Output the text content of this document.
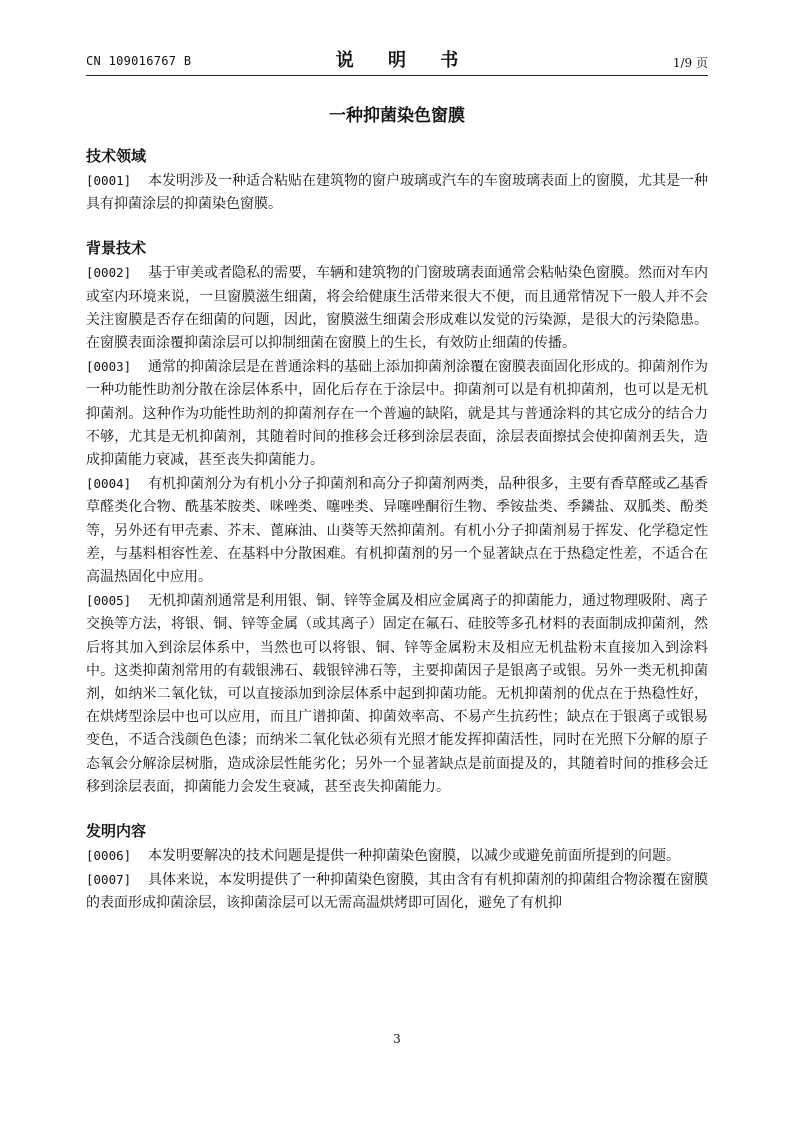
CN 109016767 B	说 明 书	1/9 页
一种抑菌染色窗膜
技术领域
[0001] 本发明涉及一种适合粘贴在建筑物的窗户玻璃或汽车的车窗玻璃表面上的窗膜，尤其是一种具有抑菌涂层的抑菌染色窗膜。
背景技术
[0002] 基于审美或者隐私的需要，车辆和建筑物的门窗玻璃表面通常会粘帖染色窗膜。然而对车内或室内环境来说，一旦窗膜滋生细菌，将会给健康生活带来很大不便，而且通常情况下一般人并不会关注窗膜是否存在细菌的问题，因此，窗膜滋生细菌会形成难以发觉的污染源，是很大的污染隐患。在窗膜表面涂覆抑菌涂层可以抑制细菌在窗膜上的生长，有效防止细菌的传播。
[0003] 通常的抑菌涂层是在普通涂料的基础上添加抑菌剂涂覆在窗膜表面固化形成的。抑菌剂作为一种功能性助剂分散在涂层体系中，固化后存在于涂层中。抑菌剂可以是有机抑菌剂，也可以是无机抑菌剂。这种作为功能性助剂的抑菌剂存在一个普遍的缺陷，就是其与普通涂料的其它成分的结合力不够，尤其是无机抑菌剂，其随着时间的推移会迁移到涂层表面，涂层表面擦拭会使抑菌剂丢失，造成抑菌能力衰减，甚至丧失抑菌能力。
[0004] 有机抑菌剂分为有机小分子抑菌剂和高分子抑菌剂两类，品种很多，主要有香草醛或乙基香草醛类化合物、酰基苯胺类、咪唑类、噻唑类、异噻唑酮衍生物、季铵盐类、季鏻盐、双胍类、酚类等，另外还有甲壳素、芥末、蓖麻油、山葵等天然抑菌剂。有机小分子抑菌剂易于挥发、化学稳定性差，与基料相容性差、在基料中分散困难。有机抑菌剂的另一个显著缺点在于热稳定性差，不适合在高温热固化中应用。
[0005] 无机抑菌剂通常是利用银、铜、锌等金属及相应金属离子的抑菌能力，通过物理吸附、离子交换等方法，将银、铜、锌等金属（或其离子）固定在氟石、硅胶等多孔材料的表面制成抑菌剂，然后将其加入到涂层体系中，当然也可以将银、铜、锌等金属粉末及相应无机盐粉末直接加入到涂料中。这类抑菌剂常用的有载银沸石、载银锌沸石等，主要抑菌因子是银离子或银。另外一类无机抑菌剂，如纳米二氧化钛，可以直接添加到涂层体系中起到抑菌功能。无机抑菌剂的优点在于热稳性好，在烘烤型涂层中也可以应用，而且广谱抑菌、抑菌效率高、不易产生抗药性；缺点在于银离子或银易变色，不适合浅颜色色漆；而纳米二氧化钛必须有光照才能发挥抑菌活性，同时在光照下分解的原子态氧会分解涂层树脂，造成涂层性能劣化；另外一个显著缺点是前面提及的，其随着时间的推移会迁移到涂层表面，抑菌能力会发生衰减，甚至丧失抑菌能力。
发明内容
[0006] 本发明要解决的技术问题是提供一种抑菌染色窗膜，以减少或避免前面所提到的问题。
[0007] 具体来说，本发明提供了一种抑菌染色窗膜，其由含有有机抑菌剂的抑菌组合物涂覆在窗膜的表面形成抑菌涂层，该抑菌涂层可以无需高温烘烤即可固化，避免了有机抑
3
